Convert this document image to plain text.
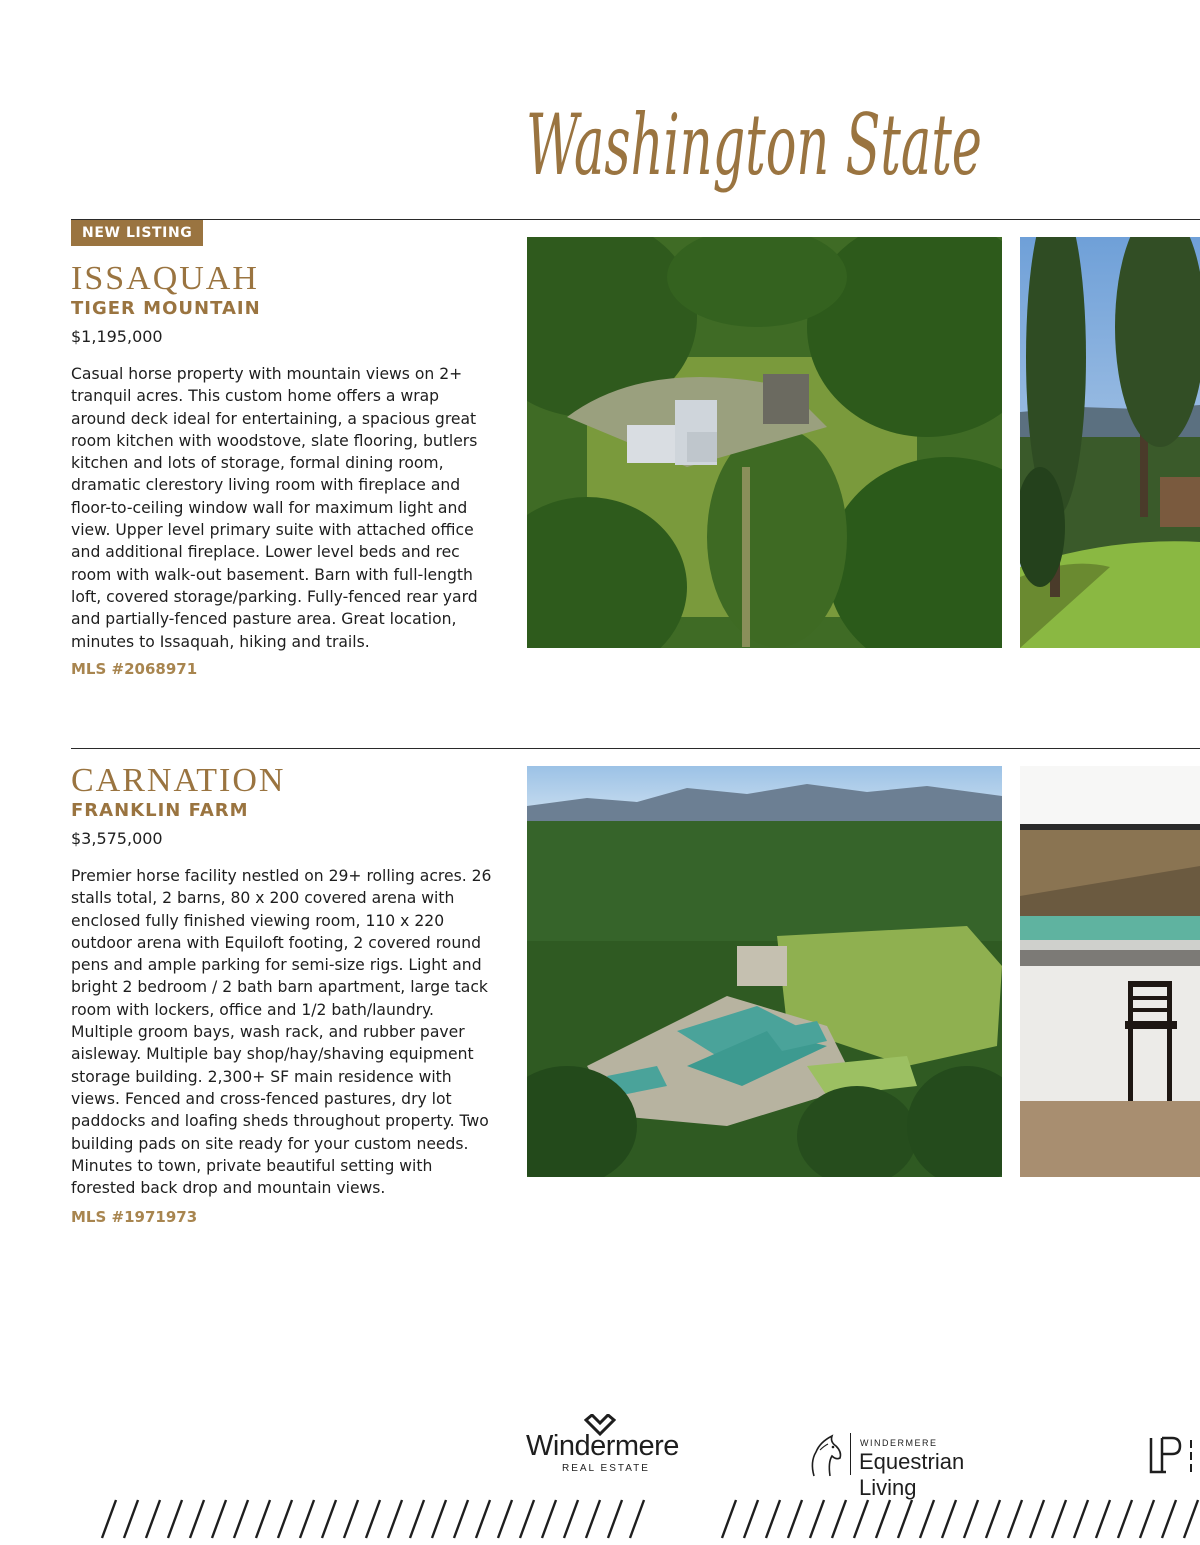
Washington State
NEW LISTING
ISSAQUAH
TIGER MOUNTAIN
$1,195,000

Casual horse property with mountain views on 2+ tranquil acres. This custom home offers a wrap around deck ideal for entertaining, a spacious great room kitchen with woodstove, slate flooring, butlers kitchen and lots of storage, formal dining room, dramatic clerestory living room with fireplace and floor-to-ceiling window wall for maximum light and view. Upper level primary suite with attached office and additional fireplace. Lower level beds and rec room with walk-out basement. Barn with full-length loft, covered storage/parking. Fully-fenced rear yard and partially-fenced pasture area. Great location, minutes to Issaquah, hiking and trails.

MLS #2068971
CARNATION
FRANKLIN FARM
$3,575,000

Premier horse facility nestled on 29+ rolling acres. 26 stalls total, 2 barns, 80 x 200 covered arena with enclosed fully finished viewing room, 110 x 220 outdoor arena with Equiloft footing, 2 covered round pens and ample parking for semi-size rigs. Light and bright 2 bedroom / 2 bath barn apartment, large tack room with lockers, office and 1/2 bath/laundry. Multiple groom bays, wash rack, and rubber paver aisleway. Multiple bay shop/hay/shaving equipment storage building. 2,300+ SF main residence with views. Fenced and cross-fenced pastures, dry lot paddocks and loafing sheds throughout property. Two building pads on site ready for your custom needs. Minutes to town, private beautiful setting with forested back drop and mountain views.

MLS #1971973
Windermere
REAL ESTATE
WINDERMERE
Equestrian Living
